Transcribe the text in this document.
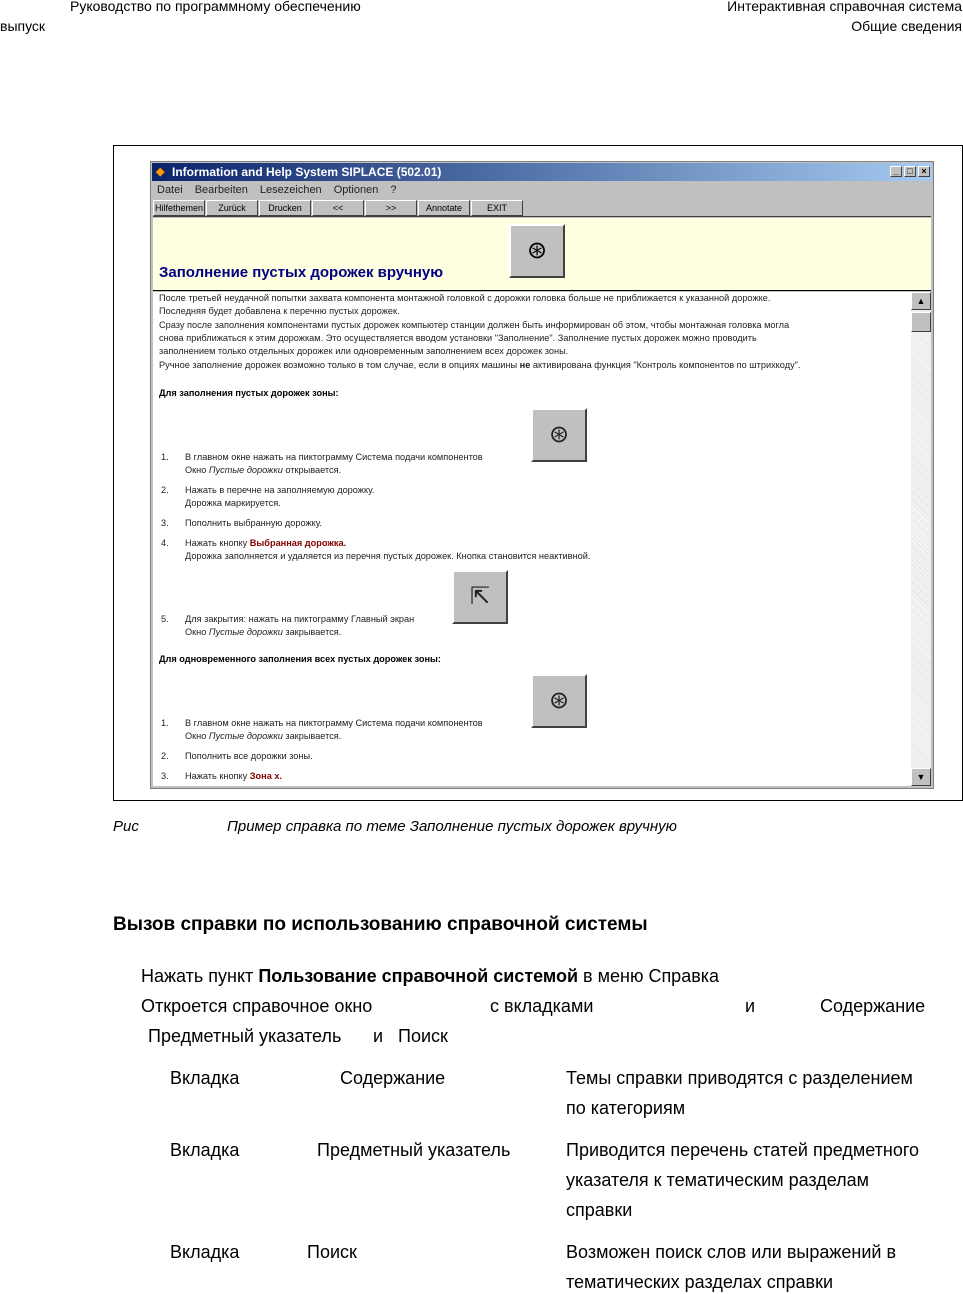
Руководство по программному обеспечению
выпуск
Интерактивная справочная система
Общие сведения
◆ Information and Help System SIPLACE (502.01)	_ □ ×
Datei Bearbeiten Lesezeichen Optionen ?
Hilfethemen	Zurück	Drucken	<<	>>	Annotate	EXIT
Заполнение пустых дорожек вручную
⊛
После третьей неудачной попытки захвата компонента монтажной головкой с дорожки головка больше не приближается к указанной дорожке.
Последняя будет добавлена к перечню пустых дорожек.
Сразу после заполнения компонентами пустых дорожек компьютер станции должен быть информирован об этом, чтобы монтажная головка могла
снова приближаться к этим дорожкам. Это осуществляется вводом установки "Заполнение". Заполнение пустых дорожек можно проводить
заполнением только отдельных дорожек или одновременным заполнением всех дорожек зоны.
Ручное заполнение дорожек возможно только в том случае, если в опциях машины не активирована функция "Контроль компонентов по штрихкоду".
Для заполнения пустых дорожек зоны:
⊛
1. В главном окне нажать на пиктограмму Система подачи компонентов
Окно Пустые дорожки открывается.
2. Нажать в перечне на заполняемую дорожку.
Дорожка маркируется.
3. Пополнить выбранную дорожку.
4. Нажать кнопку Выбранная дорожка.
Дорожка заполняется и удаляется из перечня пустых дорожек. Кнопка становится неактивной.
⇱
5. Для закрытия: нажать на пиктограмму Главный экран
Окно Пустые дорожки закрывается.
Для одновременного заполнения всех пустых дорожек зоны:
⊛
1. В главном окне нажать на пиктограмму Система подачи компонентов
Окно Пустые дорожки закрывается.
2. Пополнить все дорожки зоны.
3. Нажать кнопку Зона x.
▲
▼
Рис	Пример справка по теме Заполнение пустых дорожек вручную
Вызов справки по использованию справочной системы
Нажать пункт Пользование справочной системой в меню Справка
Откроется справочное окно	с вкладками	и	Содержание
Предметный указатель и Поиск
Вкладка	Содержание	Темы справки приводятся с разделением
по категориям
Вкладка	Предметный указатель	Приводится перечень статей предметного
указателя к тематическим разделам
справки
Вкладка	Поиск	Возможен поиск слов или выражений в
тематических разделах справки
